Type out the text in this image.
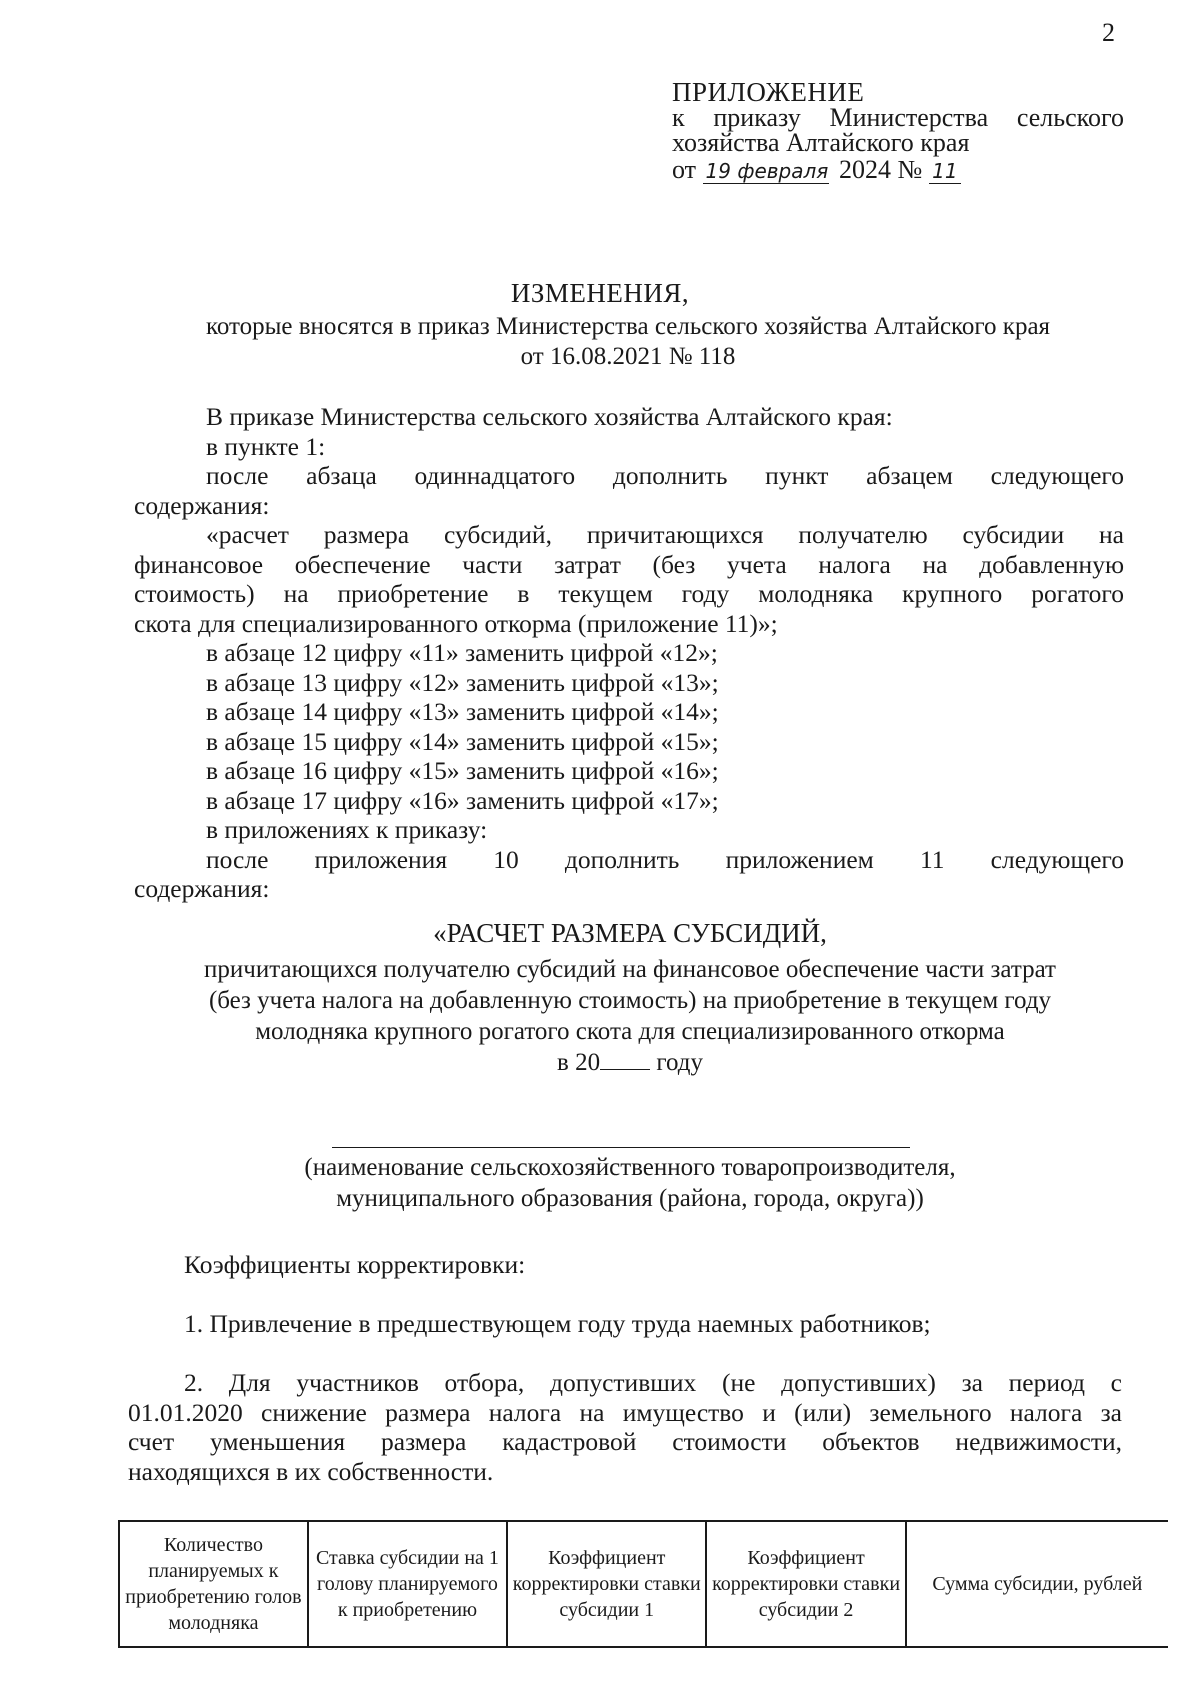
2
ПРИЛОЖЕНИЕ
к приказу Министерства сельского хозяйства Алтайского края
от 19 февраля 2024 № 11
ИЗМЕНЕНИЯ,
которые вносятся в приказ Министерства сельского хозяйства Алтайского края
от 16.08.2021 № 118

В приказе Министерства сельского хозяйства Алтайского края:

в пункте 1:

после абзаца одиннадцатого дополнить пункт абзацем следующего

содержания:

«расчет размера субсидий, причитающихся получателю субсидии на

финансовое обеспечение части затрат (без учета налога на добавленную

стоимость) на приобретение в текущем году молодняка крупного рогатого

скота для специализированного откорма (приложение 11)»;

в абзаце 12 цифру «11» заменить цифрой «12»;

в абзаце 13 цифру «12» заменить цифрой «13»;

в абзаце 14 цифру «13» заменить цифрой «14»;

в абзаце 15 цифру «14» заменить цифрой «15»;

в абзаце 16 цифру «15» заменить цифрой «16»;

в абзаце 17 цифру «16» заменить цифрой «17»;

в приложениях к приказу:

после приложения 10 дополнить приложением 11 следующего

содержания:

«РАСЧЕТ РАЗМЕРА СУБСИДИЙ,
причитающихся получателю субсидий на финансовое обеспечение части затрат
(без учета налога на добавленную стоимость) на приобретение в текущем году
молодняка крупного рогатого скота для специализированного откорма
в 20 году
(наименование сельскохозяйственного товаропроизводителя,
муниципального образования (района, города, округа))
Коэффициенты корректировки:
1. Привлечение в предшествующем году труда наемных работников;

2. Для участников отбора, допустивших (не допустивших) за период с

01.01.2020 снижение размера налога на имущество и (или) земельного налога за

счет уменьшения размера кадастровой стоимости объектов недвижимости,

находящихся в их собственности.

Количество планируемых к приобретению голов молодняка	Ставка субсидии на 1 голову планируемого к приобретению	Коэффициент корректировки ставки субсидии 1	Коэффициент корректировки ставки субсидии 2	Сумма субсидии, рублей
